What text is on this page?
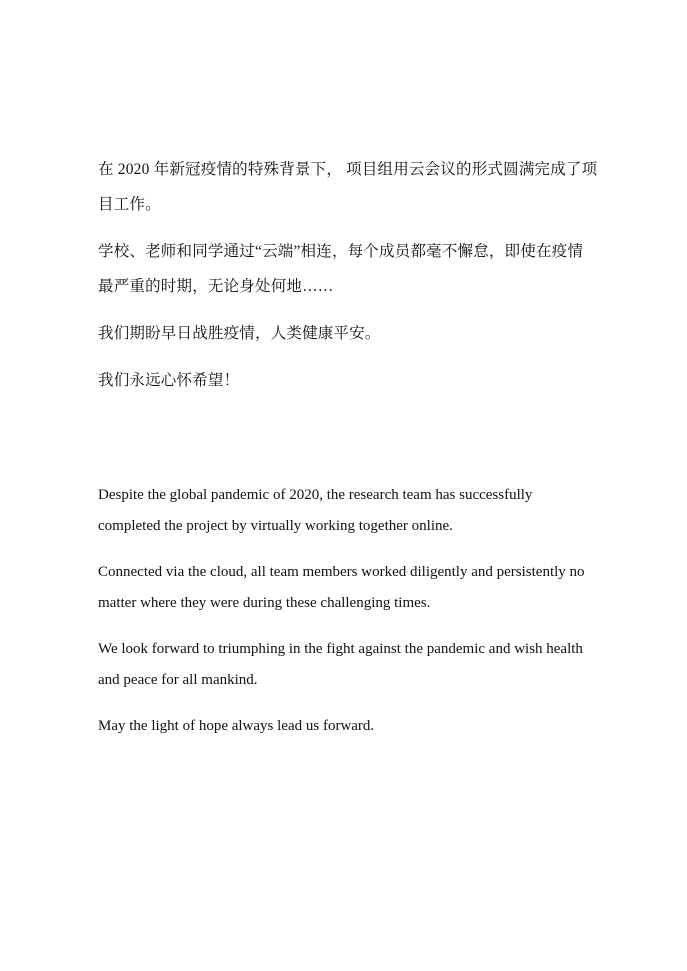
在 2020 年新冠疫情的特殊背景下， 项目组用云会议的形式圆满完成了项目工作。

学校、老师和同学通过“云端”相连，每个成员都毫不懈怠，即使在疫情最严重的时期，无论身处何地……

我们期盼早日战胜疫情，人类健康平安。

我们永远心怀希望！

Despite the global pandemic of 2020, the research team has successfully completed the project by virtually working together online.

Connected via the cloud, all team members worked diligently and persistently no matter where they were during these challenging times.

We look forward to triumphing in the fight against the pandemic and wish health and peace for all mankind.

May the light of hope always lead us forward.
